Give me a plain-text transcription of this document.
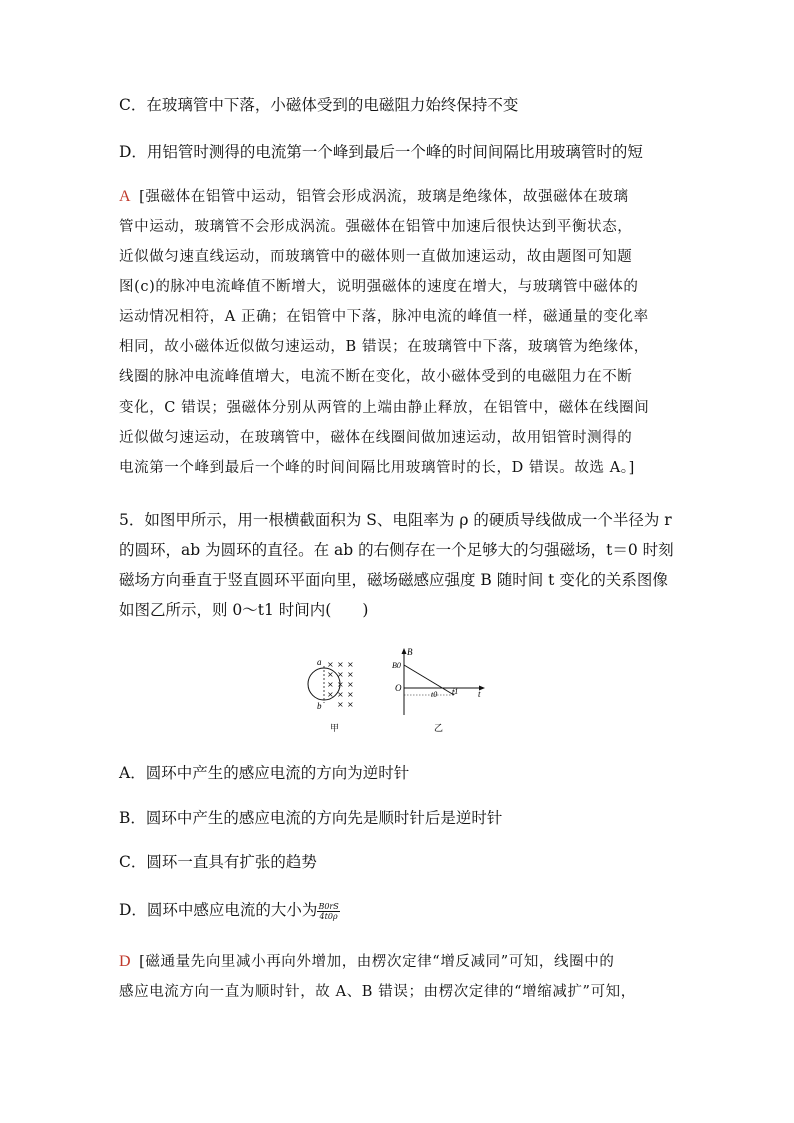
C．在玻璃管中下落，小磁体受到的电磁阻力始终保持不变
D．用铝管时测得的电流第一个峰到最后一个峰的时间间隔比用玻璃管时的短
A [强磁体在铝管中运动，铝管会形成涡流，玻璃是绝缘体，故强磁体在玻璃
管中运动，玻璃管不会形成涡流。强磁体在铝管中加速后很快达到平衡状态，
近似做匀速直线运动，而玻璃管中的磁体则一直做加速运动，故由题图可知题
图(c)的脉冲电流峰值不断增大，说明强磁体的速度在增大，与玻璃管中磁体的
运动情况相符，A 正确；在铝管中下落，脉冲电流的峰值一样，磁通量的变化率
相同，故小磁体近似做匀速运动，B 错误；在玻璃管中下落，玻璃管为绝缘体，
线圈的脉冲电流峰值增大，电流不断在变化，故小磁体受到的电磁阻力在不断
变化，C 错误；强磁体分别从两管的上端由静止释放，在铝管中，磁体在线圈间
近似做匀速运动，在玻璃管中，磁体在线圈间做加速运动，故用铝管时测得的
电流第一个峰到最后一个峰的时间间隔比用玻璃管时的长，D 错误。故选 A。]
5．如图甲所示，用一根横截面积为 S、电阻率为 ρ 的硬质导线做成一个半径为 r
的圆环，ab 为圆环的直径。在 ab 的右侧存在一个足够大的匀强磁场，t＝0 时刻
磁场方向垂直于竖直圆环平面向里，磁场磁感应强度 B 随时间 t 变化的关系图像
如图乙所示，则 0～t1 时间内(　　)
a
b
× × ×
× × ×
× × ×
× × ×
× ×
甲
B
B0
O
t0 t1 t
乙
A．圆环中产生的感应电流的方向为逆时针
B．圆环中产生的感应电流的方向先是顺时针后是逆时针
C．圆环一直具有扩张的趋势
D．圆环中感应电流的大小为 $\frac{B0rS}{4t0\rho}$
D [磁通量先向里减小再向外增加，由楞次定律“增反减同”可知，线圈中的
感应电流方向一直为顺时针，故 A、B 错误；由楞次定律的“增缩减扩”可知，
